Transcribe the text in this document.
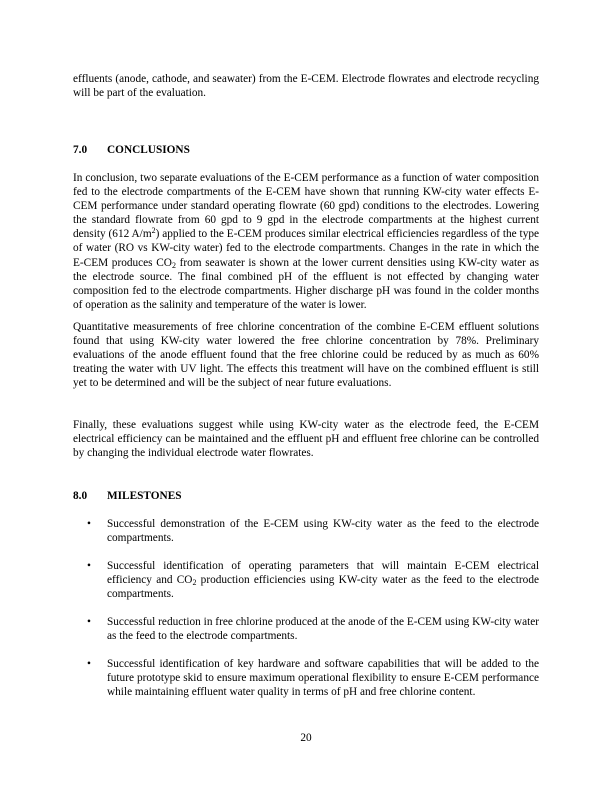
effluents (anode, cathode, and seawater) from the E-CEM. Electrode flowrates and electrode recycling will be part of the evaluation.

7.0	CONCLUSIONS

In conclusion, two separate evaluations of the E-CEM performance as a function of water composition fed to the electrode compartments of the E-CEM have shown that running KW-city water effects E-CEM performance under standard operating flowrate (60 gpd) conditions to the electrodes. Lowering the standard flowrate from 60 gpd to 9 gpd in the electrode compartments at the highest current density (612 $A/m^2$) applied to the E-CEM produces similar electrical efficiencies regardless of the type of water (RO vs KW-city water) fed to the electrode compartments. Changes in the rate in which the E-CEM produces $CO_2$ from seawater is shown at the lower current densities using KW-city water as the electrode source. The final combined pH of the effluent is not effected by changing water composition fed to the electrode compartments. Higher discharge pH was found in the colder months of operation as the salinity and temperature of the water is lower.

Quantitative measurements of free chlorine concentration of the combine E-CEM effluent solutions found that using KW-city water lowered the free chlorine concentration by 78%. Preliminary evaluations of the anode effluent found that the free chlorine could be reduced by as much as 60% treating the water with UV light. The effects this treatment will have on the combined effluent is still yet to be determined and will be the subject of near future evaluations.

Finally, these evaluations suggest while using KW-city water as the electrode feed, the E-CEM electrical efficiency can be maintained and the effluent pH and effluent free chlorine can be controlled by changing the individual electrode water flowrates.

8.0	MILESTONES
• Successful demonstration of the E-CEM using KW-city water as the feed to the electrode compartments.
• Successful identification of operating parameters that will maintain E-CEM electrical efficiency and $CO_2$ production efficiencies using KW-city water as the feed to the electrode compartments.
• Successful reduction in free chlorine produced at the anode of the E-CEM using KW-city water as the feed to the electrode compartments.
• Successful identification of key hardware and software capabilities that will be added to the future prototype skid to ensure maximum operational flexibility to ensure E-CEM performance while maintaining effluent water quality in terms of pH and free chlorine content.
20
